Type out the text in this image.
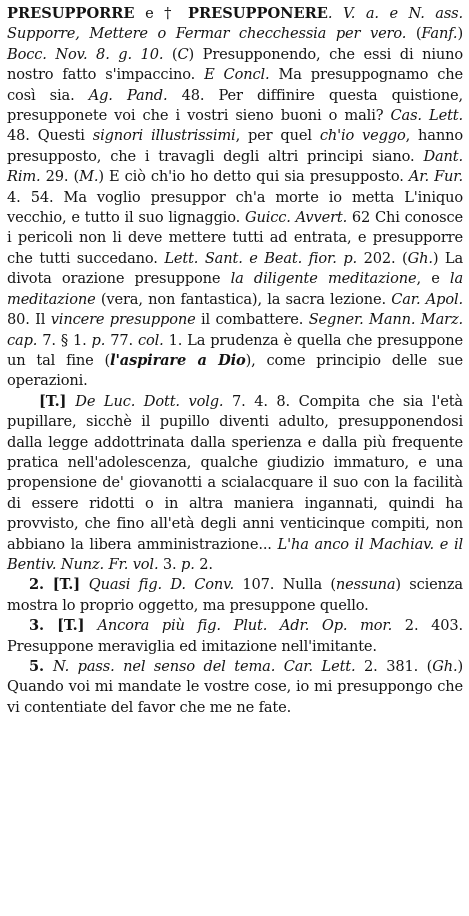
PRESUPPORRE e † PRESUPPONERE. V. a. e N. ass. Supporre, Mettere o Fermar checchessia per vero. (Fanf.) Bocc. Nov. 8. g. 10. (C) Presupponendo, che essi di niuno nostro fatto s'impaccino. E Concl. Ma presuppognamo che così sia. Ag. Pand. 48. Per diffinire questa quistione, presupponete voi che i vostri sieno buoni o mali? Cas. Lett. 48. Questi signori illustrissimi, per quel ch'io veggo, hanno presupposto, che i travagli degli altri principi siano. Dant. Rim. 29. (M.) E ciò ch'io ho detto qui sia presupposto. Ar. Fur. 4. 54. Ma voglio presuppor ch'a morte io metta L'iniquo vecchio, e tutto il suo lignaggio. Guicc. Avvert. 62 Chi conosce i pericoli non li deve mettere tutti ad entrata, e presupporre che tutti succedano. Lett. Sant. e Beat. fior. p. 202. (Gh.) La divota orazione presuppone la diligente meditazione, e la meditazione (vera, non fantastica), la sacra lezione. Car. Apol. 80. Il vincere presuppone il combattere. Segner. Mann. Marz. cap. 7. § 1. p. 77. col. 1. La prudenza è quella che presuppone un tal fine (l'aspirare a Dio), come principio delle sue operazioni.

[T.] De Luc. Dott. volg. 7. 4. 8. Compita che sia l'età pupillare, sicchè il pupillo diventi adulto, presupponendosi dalla legge addottrinata dalla sperienza e dalla più frequente pratica nell'adolescenza, qualche giudizio immaturo, e una propensione de' giovanotti a scialacquare il suo con la facilità di essere ridotti o in altra maniera ingannati, quindi ha provvisto, che fino all'età degli anni venticinque compiti, non abbiano la libera amministrazione... L'ha anco il Machiav. e il Bentiv. Nunz. Fr. vol. 3. p. 2.

2. [T.] Quasi fig. D. Conv. 107. Nulla (nessuna) scienza mostra lo proprio oggetto, ma presuppone quello.

3. [T.] Ancora più fig. Plut. Adr. Op. mor. 2. 403. Presuppone meraviglia ed imitazione nell'imitante.

5. N. pass. nel senso del tema. Car. Lett. 2. 381. (Gh.) Quando voi mi mandate le vostre cose, io mi presuppongo che vi contentiate del favor che me ne fate.
